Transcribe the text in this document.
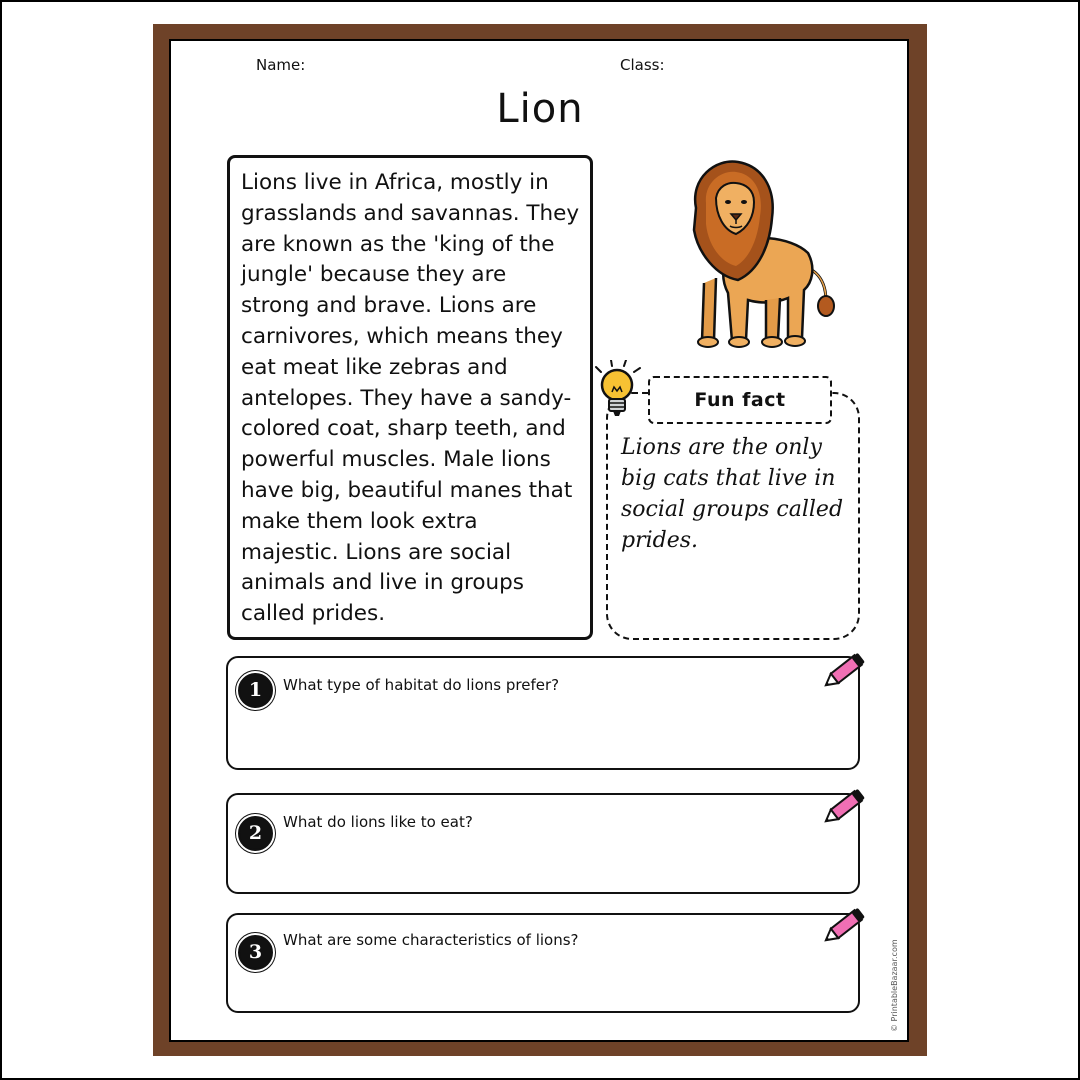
Name:	Class:
Lion

Lions live in Africa, mostly in grasslands and savannas. They are known as the 'king of the jungle' because they are strong and brave. Lions are carnivores, which means they eat meat like zebras and antelopes. They have a sandy-colored coat, sharp teeth, and powerful muscles. Male lions have big, beautiful manes that make them look extra majestic. Lions are social animals and live in groups called prides.

Fun fact

Lions are the only big cats that live in social groups called prides.

1	What type of habitat do lions prefer?
2	What do lions like to eat?
3
What are some characteristics of lions?	© PrintableBazaar.com
